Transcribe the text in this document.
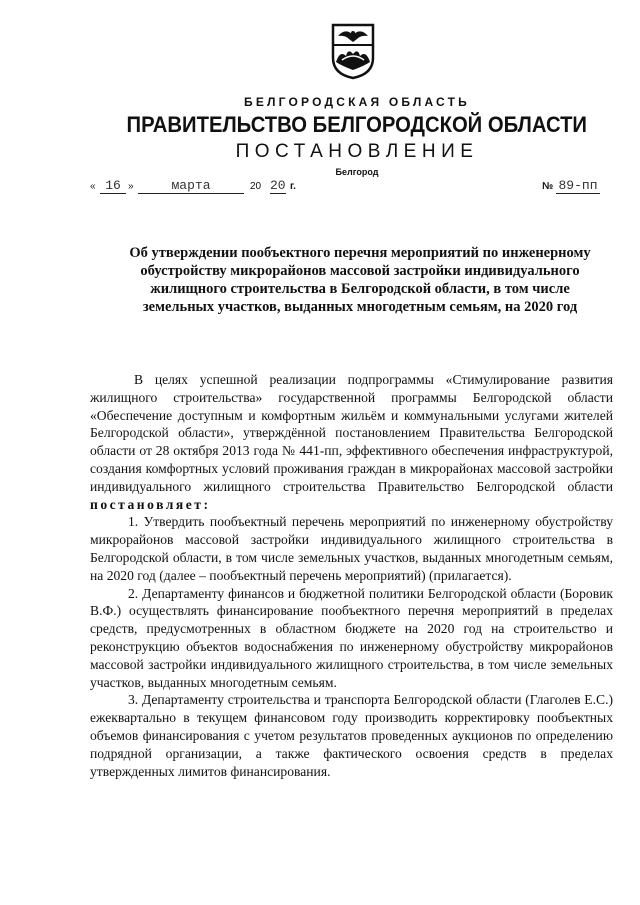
БЕЛГОРОДСКАЯ ОБЛАСТЬ
ПРАВИТЕЛЬСТВО БЕЛГОРОДСКОЙ ОБЛАСТИ
ПОСТАНОВЛЕНИЕ
Белгород
« 16 »	марта	20 20 г.	№ 89-пп
Об утверждении пообъектного перечня мероприятий по инженерному
обустройству микрорайонов массовой застройки индивидуального
жилищного строительства в Белгородской области, в том числе
земельных участков, выданных многодетным семьям, на 2020 год

В целях успешной реализации подпрограммы «Стимулирование развития жилищного строительства» государственной программы Белгородской области «Обеспечение доступным и комфортным жильём и коммунальными услугами жителей Белгородской области», утверждённой постановлением Правительства Белгородской области от 28 октября 2013 года № 441-пп, эффективного обеспечения инфраструктурой, создания комфортных условий проживания граждан в микрорайонах массовой застройки индивидуального жилищного строительства Правительство Белгородской области постановляет:

1. Утвердить пообъектный перечень мероприятий по инженерному обустройству микрорайонов массовой застройки индивидуального жилищного строительства в Белгородской области, в том числе земельных участков, выданных многодетным семьям, на 2020 год (далее – пообъектный перечень мероприятий) (прилагается).

2. Департаменту финансов и бюджетной политики Белгородской области (Боровик В.Ф.) осуществлять финансирование пообъектного перечня мероприятий в пределах средств, предусмотренных в областном бюджете на 2020 год на строительство и реконструкцию объектов водоснабжения по инженерному обустройству микрорайонов массовой застройки индивидуального жилищного строительства, в том числе земельных участков, выданных многодетным семьям.

3. Департаменту строительства и транспорта Белгородской области (Глаголев Е.С.) ежеквартально в текущем финансовом году производить корректировку пообъектных объемов финансирования с учетом результатов проведенных аукционов по определению подрядной организации, а также фактического освоения средств в пределах утвержденных лимитов финансирования.
